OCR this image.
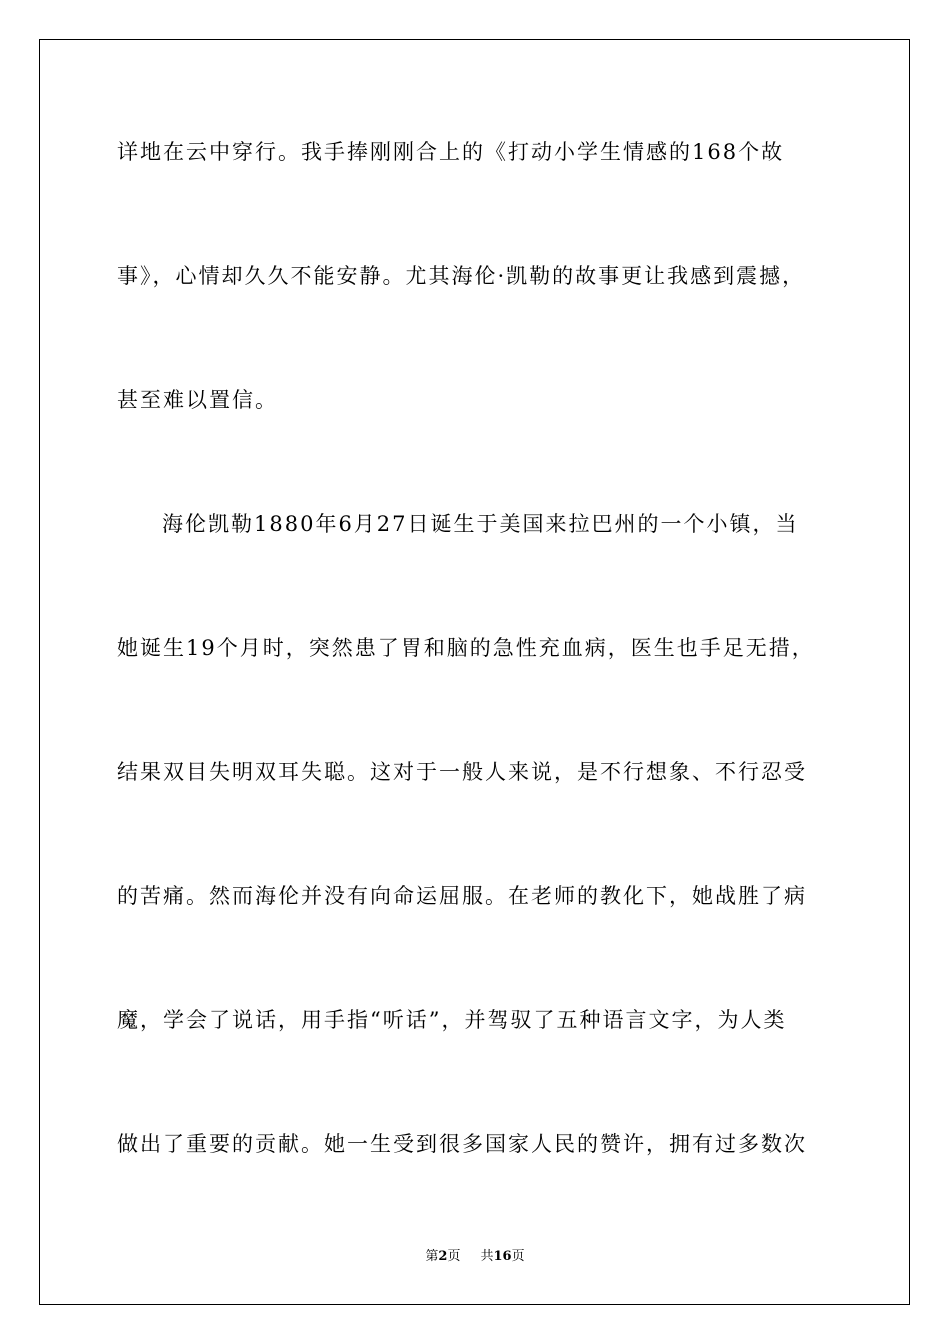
详地在云中穿行。我手捧刚刚合上的《打动小学生情感的168个故

事》，心情却久久不能安静。尤其海伦·凯勒的故事更让我感到震撼，

甚至难以置信。

海伦凯勒1880年6月27日诞生于美国来拉巴州的一个小镇，当

她诞生19个月时，突然患了胃和脑的急性充血病，医生也手足无措，

结果双目失明双耳失聪。这对于一般人来说，是不行想象、不行忍受

的苦痛。然而海伦并没有向命运屈服。在老师的教化下，她战胜了病

魔，学会了说话，用手指“听话”，并驾驭了五种语言文字，为人类

做出了重要的贡献。她一生受到很多国家人民的赞许，拥有过多数次

第2页 共16页
